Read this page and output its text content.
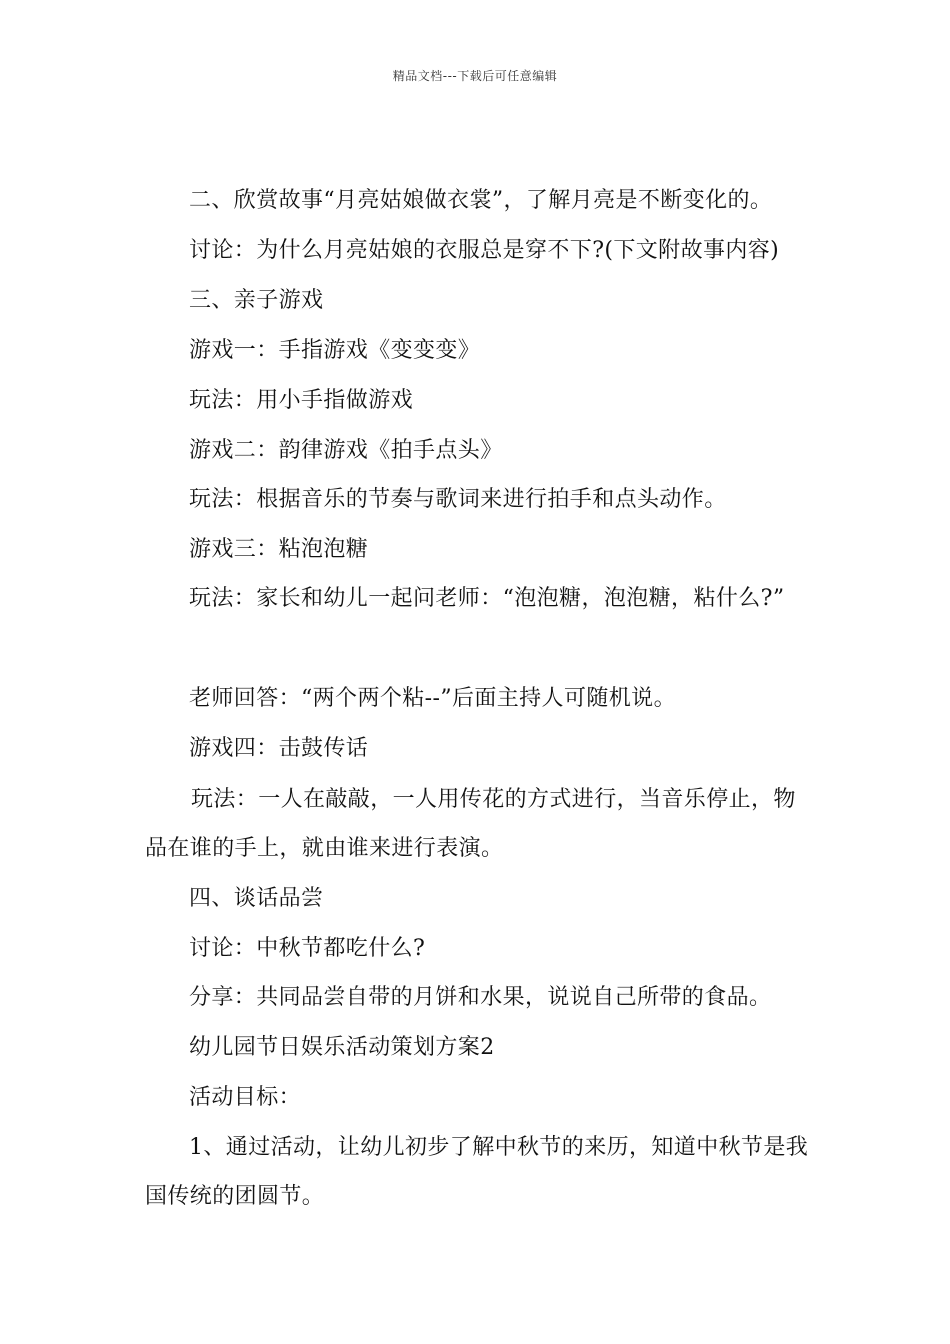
精品文档---下载后可任意编辑
二、欣赏故事“月亮姑娘做衣裳”，了解月亮是不断变化的。
讨论：为什么月亮姑娘的衣服总是穿不下?(下文附故事内容)
三、亲子游戏
游戏一：手指游戏《变变变》
玩法：用小手指做游戏
游戏二：韵律游戏《拍手点头》
玩法：根据音乐的节奏与歌词来进行拍手和点头动作。
游戏三：粘泡泡糖
玩法：家长和幼儿一起问老师：“泡泡糖，泡泡糖，粘什么?”
老师回答：“两个两个粘--”后面主持人可随机说。
游戏四：击鼓传话
玩法：一人在敲敲，一人用传花的方式进行，当音乐停止，物
品在谁的手上，就由谁来进行表演。
四、谈话品尝
讨论：中秋节都吃什么?
分享：共同品尝自带的月饼和水果，说说自己所带的食品。
幼儿园节日娱乐活动策划方案2
活动目标：
1、通过活动，让幼儿初步了解中秋节的来历，知道中秋节是我
国传统的团圆节。
